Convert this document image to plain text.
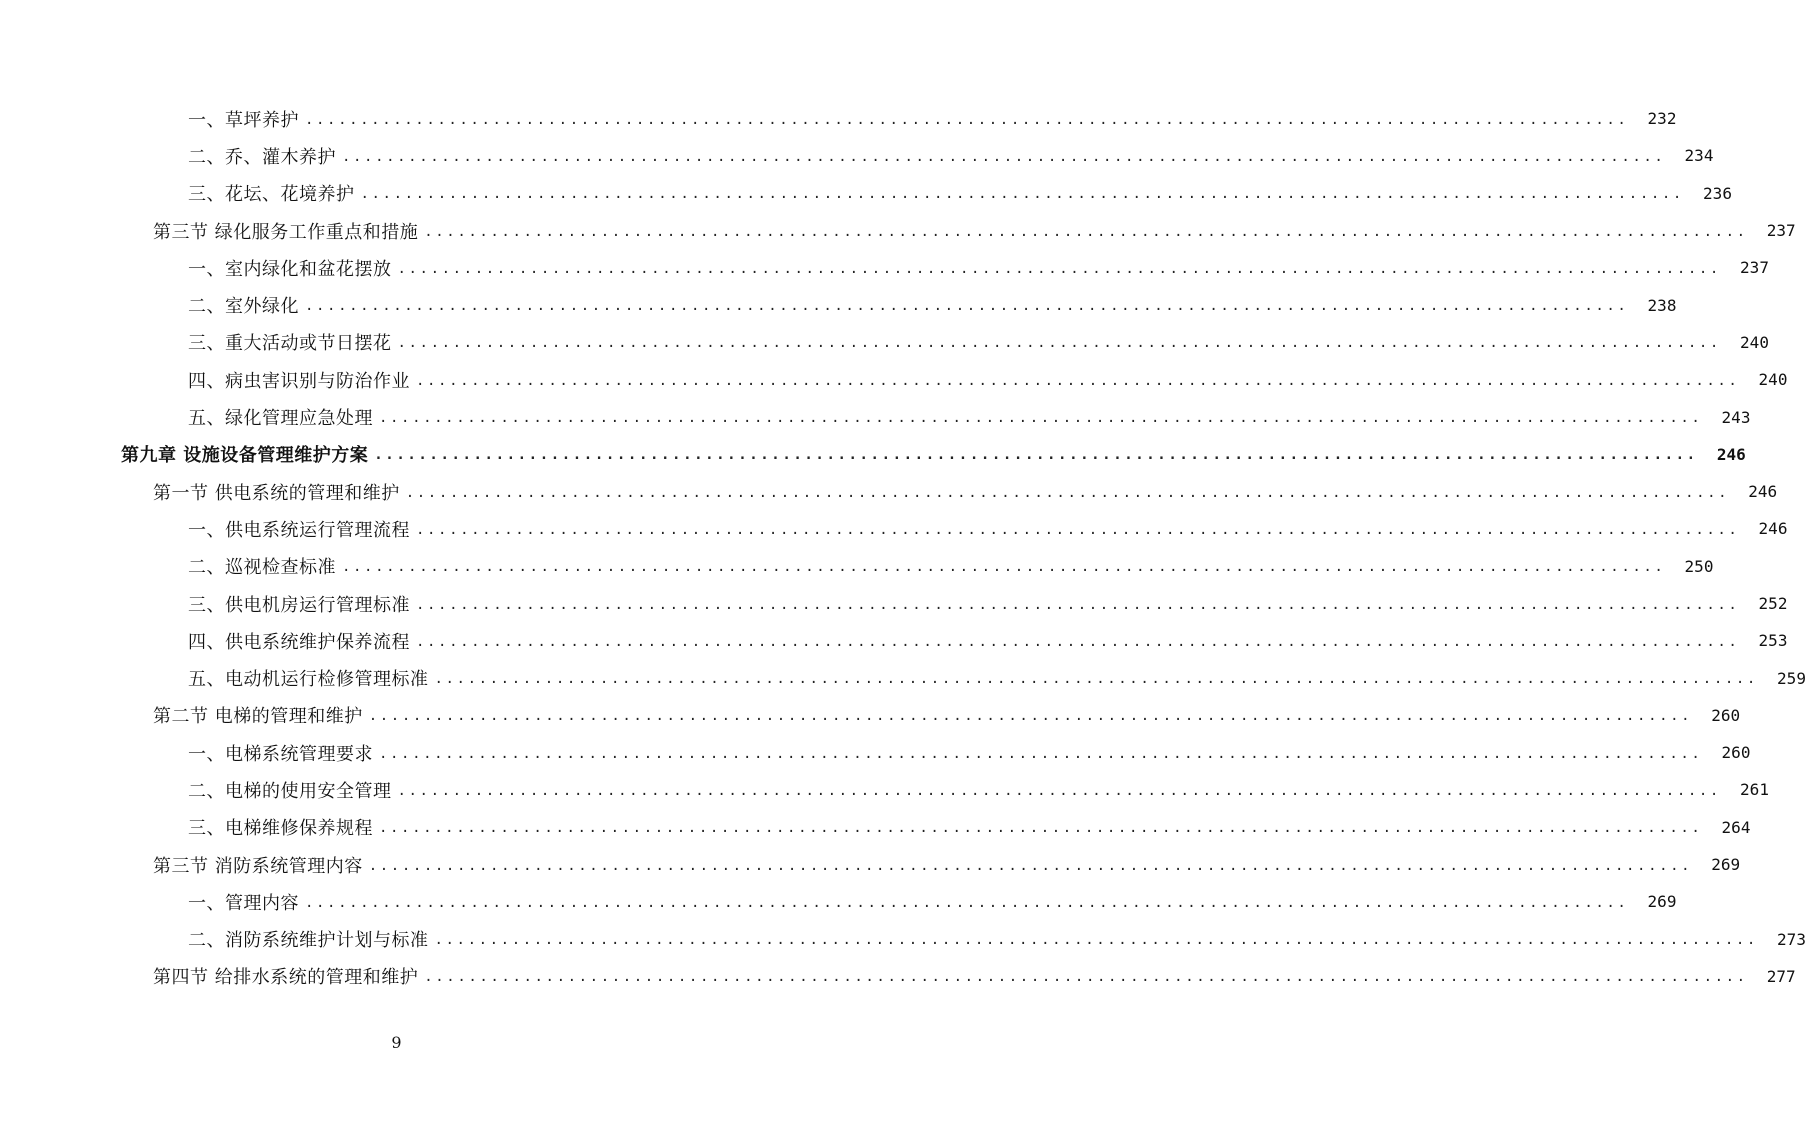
一、草坪养护 ........................................................................................................................	232
二、乔、灌木养护 ........................................................................................................................	234
三、花坛、花境养护 ........................................................................................................................	236
第三节 绿化服务工作重点和措施 ........................................................................................................................	237
一、室内绿化和盆花摆放 ........................................................................................................................	237
二、室外绿化 ........................................................................................................................	238
三、重大活动或节日摆花 ........................................................................................................................	240
四、病虫害识别与防治作业 ........................................................................................................................	240
五、绿化管理应急处理 ........................................................................................................................	243
第九章 设施设备管理维护方案 ........................................................................................................................	246
第一节 供电系统的管理和维护 ........................................................................................................................	246
一、供电系统运行管理流程 ........................................................................................................................	246
二、巡视检查标准 ........................................................................................................................	250
三、供电机房运行管理标准 ........................................................................................................................	252
四、供电系统维护保养流程 ........................................................................................................................	253
五、电动机运行检修管理标准 ........................................................................................................................	259
第二节 电梯的管理和维护 ........................................................................................................................	260
一、电梯系统管理要求 ........................................................................................................................	260
二、电梯的使用安全管理 ........................................................................................................................	261
三、电梯维修保养规程 ........................................................................................................................	264
第三节 消防系统管理内容 ........................................................................................................................	269
一、管理内容 ........................................................................................................................	269
二、消防系统维护计划与标准 ........................................................................................................................	273
第四节 给排水系统的管理和维护 ........................................................................................................................	277
9
